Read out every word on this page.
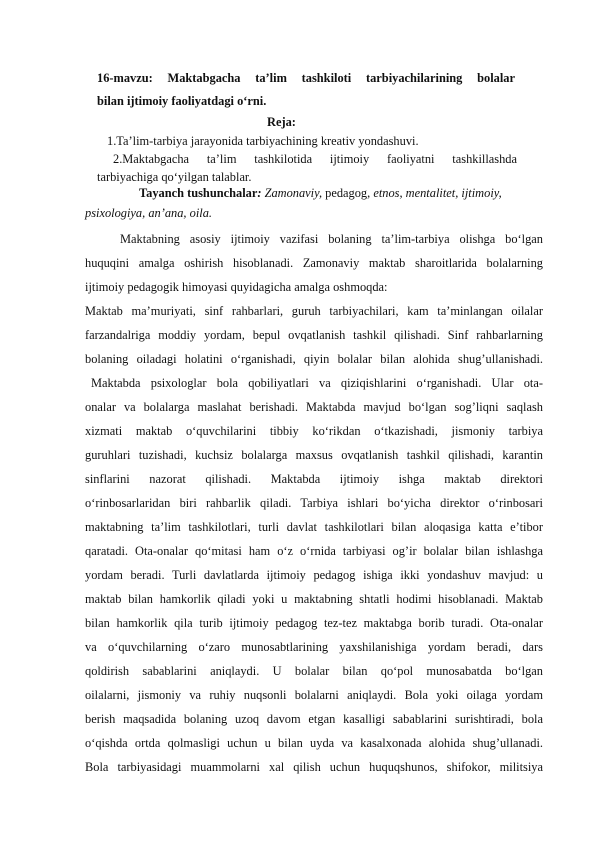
16-mavzu: Maktabgacha ta’lim tashkiloti tarbiyachilarining bolalar
bilan ijtimoiy faoliyatdagi o‘rni.
Reja:
1.Ta’lim-tarbiya jarayonida tarbiyachining kreativ yondashuvi.
2.Maktabgacha ta’lim tashkilotida ijtimoiy faoliyatni tashkillashda
tarbiyachiga qo‘yilgan talablar.
Tayanch tushunchalar: Zamonaviy, pedagog, etnos, mentalitet, ijtimoiy,
psixologiya, an’ana, oila.
Maktabning asosiy ijtimoiy vazifasi bolaning ta’lim-tarbiya olishga bo‘lgan
huquqini amalga oshirish hisoblanadi. Zamonaviy maktab sharoitlarida bolalarning
ijtimoiy pedagogik himoyasi quyidagicha amalga oshmoqda:
Maktab ma’muriyati, sinf rahbarlari, guruh tarbiyachilari, kam ta’minlangan oilalar
farzandalriga moddiy yordam, bepul ovqatlanish tashkil qilishadi. Sinf rahbarlarning
bolaning oiladagi holatini o‘rganishadi, qiyin bolalar bilan alohida shug’ullanishadi.
Maktabda psixologlar bola qobiliyatlari va qiziqishlarini o‘rganishadi. Ular ota-
onalar va bolalarga maslahat berishadi. Maktabda mavjud bo‘lgan sog’liqni saqlash
xizmati maktab o‘quvchilarini tibbiy ko‘rikdan o‘tkazishadi, jismoniy tarbiya
guruhlari tuzishadi, kuchsiz bolalarga maxsus ovqatlanish tashkil qilishadi, karantin
sinflarini nazorat qilishadi. Maktabda ijtimoiy ishga maktab direktori
o‘rinbosarlaridan biri rahbarlik qiladi. Tarbiya ishlari bo‘yicha direktor o‘rinbosari
maktabning ta’lim tashkilotlari, turli davlat tashkilotlari bilan aloqasiga katta e’tibor
qaratadi. Ota-onalar qo‘mitasi ham o‘z o‘rnida tarbiyasi og’ir bolalar bilan ishlashga
yordam beradi. Turli davlatlarda ijtimoiy pedagog ishiga ikki yondashuv mavjud: u
maktab bilan hamkorlik qiladi yoki u maktabning shtatli hodimi hisoblanadi. Maktab
bilan hamkorlik qila turib ijtimoiy pedagog tez-tez maktabga borib turadi. Ota-onalar
va o‘quvchilarning o‘zaro munosabtlarining yaxshilanishiga yordam beradi, dars
qoldirish sabablarini aniqlaydi. U bolalar bilan qo‘pol munosabatda bo‘lgan
oilalarni, jismoniy va ruhiy nuqsonli bolalarni aniqlaydi. Bola yoki oilaga yordam
berish maqsadida bolaning uzoq davom etgan kasalligi sabablarini surishtiradi, bola
o‘qishda ortda qolmasligi uchun u bilan uyda va kasalxonada alohida shug’ullanadi.
Bola tarbiyasidagi muammolarni xal qilish uchun huquqshunos, shifokor, militsiya
